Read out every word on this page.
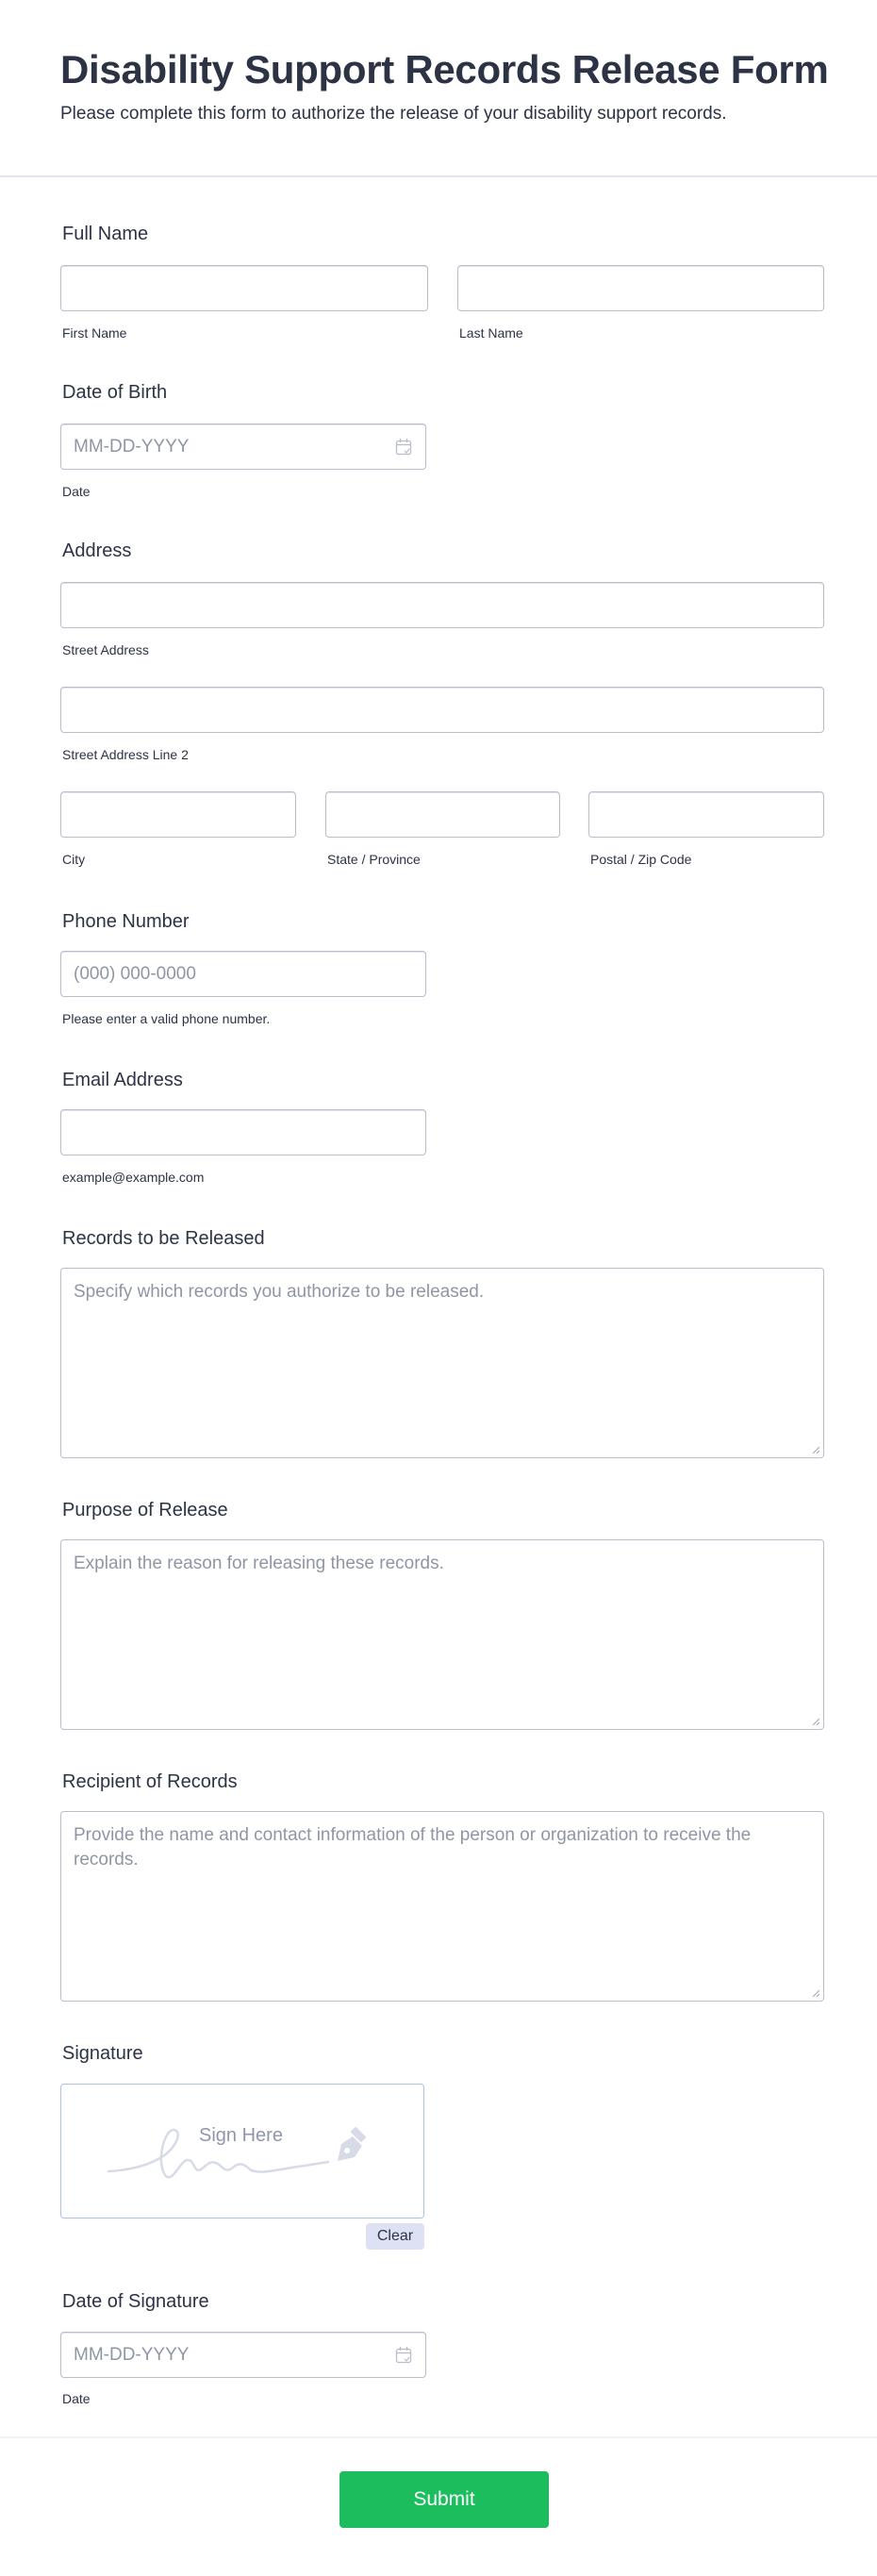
Disability Support Records Release Form
Please complete this form to authorize the release of your disability support records.
Full Name
First Name	Last Name
Date of Birth
MM-DD-YYYY
Date
Address
Street Address
Street Address Line 2
City	State / Province	Postal / Zip Code
Phone Number
(000) 000-0000
Please enter a valid phone number.
Email Address
example@example.com
Records to be Released
Specify which records you authorize to be released.
Purpose of Release
Explain the reason for releasing these records.
Recipient of Records
Provide the name and contact information of the person or organization to receive the records.
Signature
Sign Here
Clear
Date of Signature
MM-DD-YYYY
Date
Submit
